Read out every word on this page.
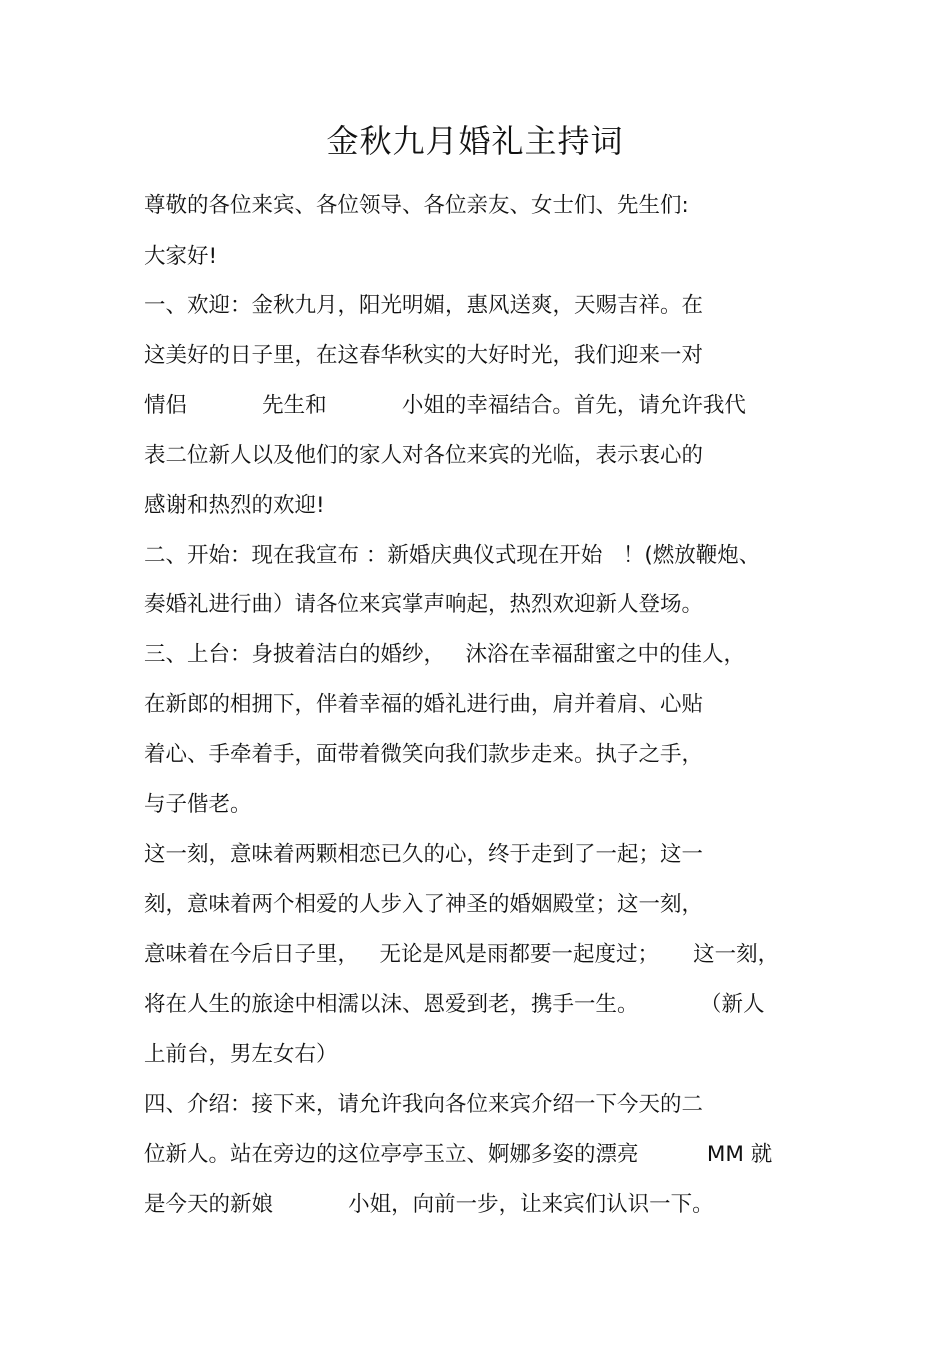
金秋九月婚礼主持词
尊敬的各位来宾、各位领导、各位亲友、女士们、先生们:
大家好!
一、欢迎：金秋九月，阳光明媚，惠风送爽，天赐吉祥。在
这美好的日子里，在这春华秋实的大好时光，我们迎来一对
情侣           先生和           小姐的幸福结合。首先，请允许我代
表二位新人以及他们的家人对各位来宾的光临，表示衷心的
感谢和热烈的欢迎!
二、开始：现在我宣布 ：新婚庆典仪式现在开始   ！(燃放鞭炮、
奏婚礼进行曲）请各位来宾掌声响起，热烈欢迎新人登场。
三、上台：身披着洁白的婚纱，   沐浴在幸福甜蜜之中的佳人，
在新郎的相拥下，伴着幸福的婚礼进行曲，肩并着肩、心贴
着心、手牵着手，面带着微笑向我们款步走来。执子之手，
与子偕老。
这一刻，意味着两颗相恋已久的心，终于走到了一起；这一
刻，意味着两个相爱的人步入了神圣的婚姻殿堂；这一刻，
意味着在今后日子里，   无论是风是雨都要一起度过；     这一刻，
将在人生的旅途中相濡以沫、恩爱到老，携手一生。         （新人
上前台，男左女右）
四、介绍：接下来，请允许我向各位来宾介绍一下今天的二
位新人。站在旁边的这位亭亭玉立、婀娜多姿的漂亮          MM 就
是今天的新娘           小姐，向前一步，让来宾们认识一下。
